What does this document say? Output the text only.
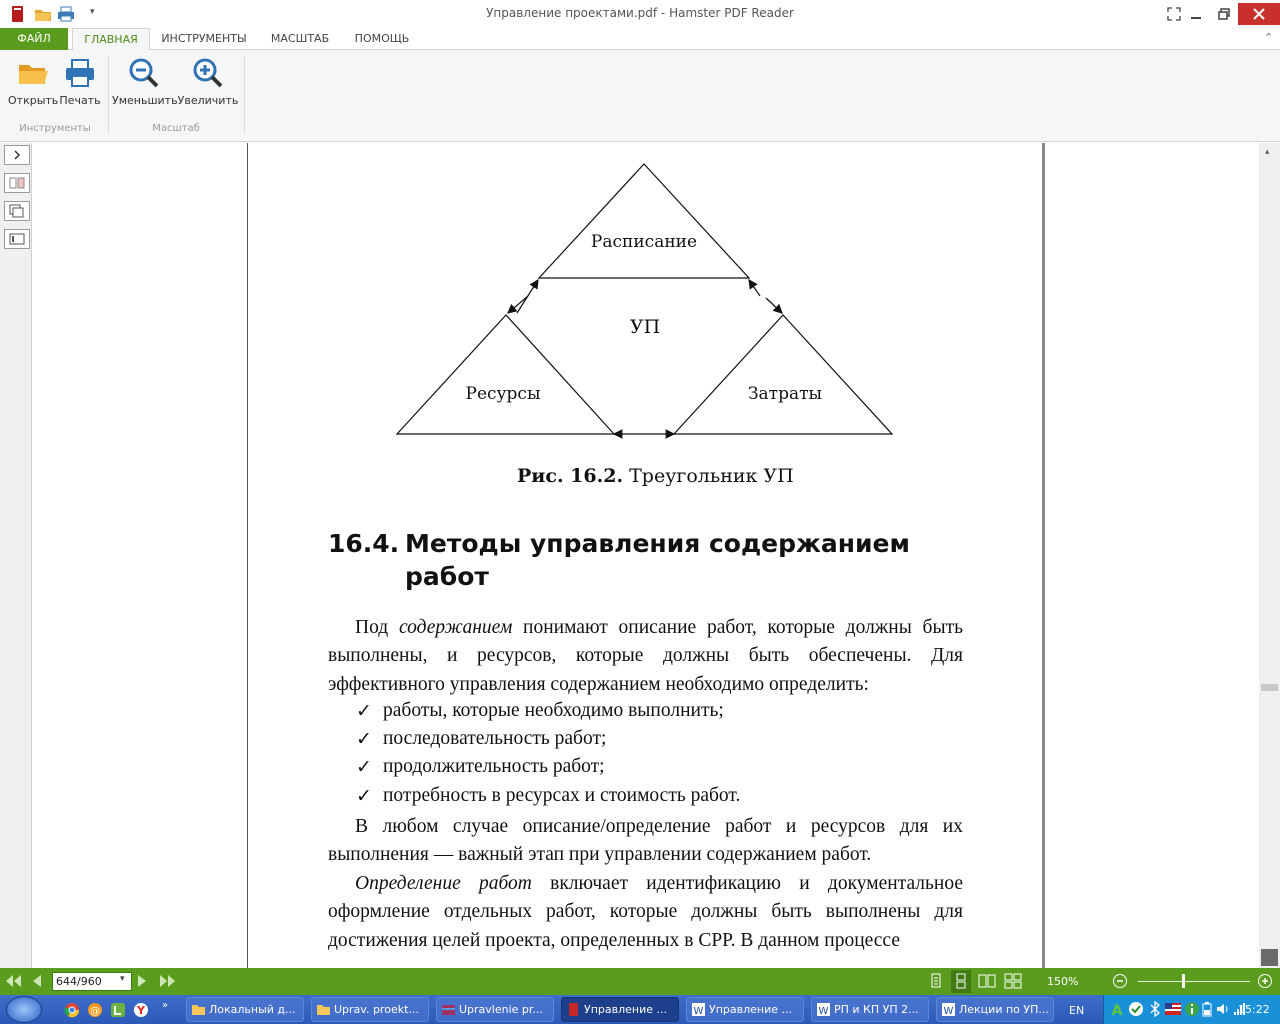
▾	Управление проектами.pdf - Hamster PDF Reader
ФАЙЛ	ГЛАВНАЯ	ИНСТРУМЕНТЫ	МАСШТАБ	ПОМОЩЬ	⌃
Открыть Печать Уменьшить Увеличить
Инструменты	Масштаб
Расписание
УП
Ресурсы	Затраты
Рис. 16.2. Треугольник УП
16.4. Методы управления содержанием
работ
Под содержанием понимают описание работ, которые должны быть выполнены, и ресурсов, которые должны быть обеспечены. Для эффективного управления содержанием необходимо определить:
✓ работы, которые необходимо выполнить;
✓ последовательность работ;
✓ продолжительность работ;
✓ потребность в ресурсах и стоимость работ.
В любом случае описание/определение работ и ресурсов для их выполнения — важный этап при управлении содержанием работ.
Определение работ включает идентификацию и документальное оформление отдельных работ, которые должны быть выполнены для достижения целей проекта, определенных в СРР. В данном процессе
▴
644/960	▾	150%
@	Y »	Локальный д...	Uprav. proekt...	Upravlenie pr...	Управление ...	W Управление ...	W РП и КП УП 2...	W Лекции по УП...	EN A	15:22
